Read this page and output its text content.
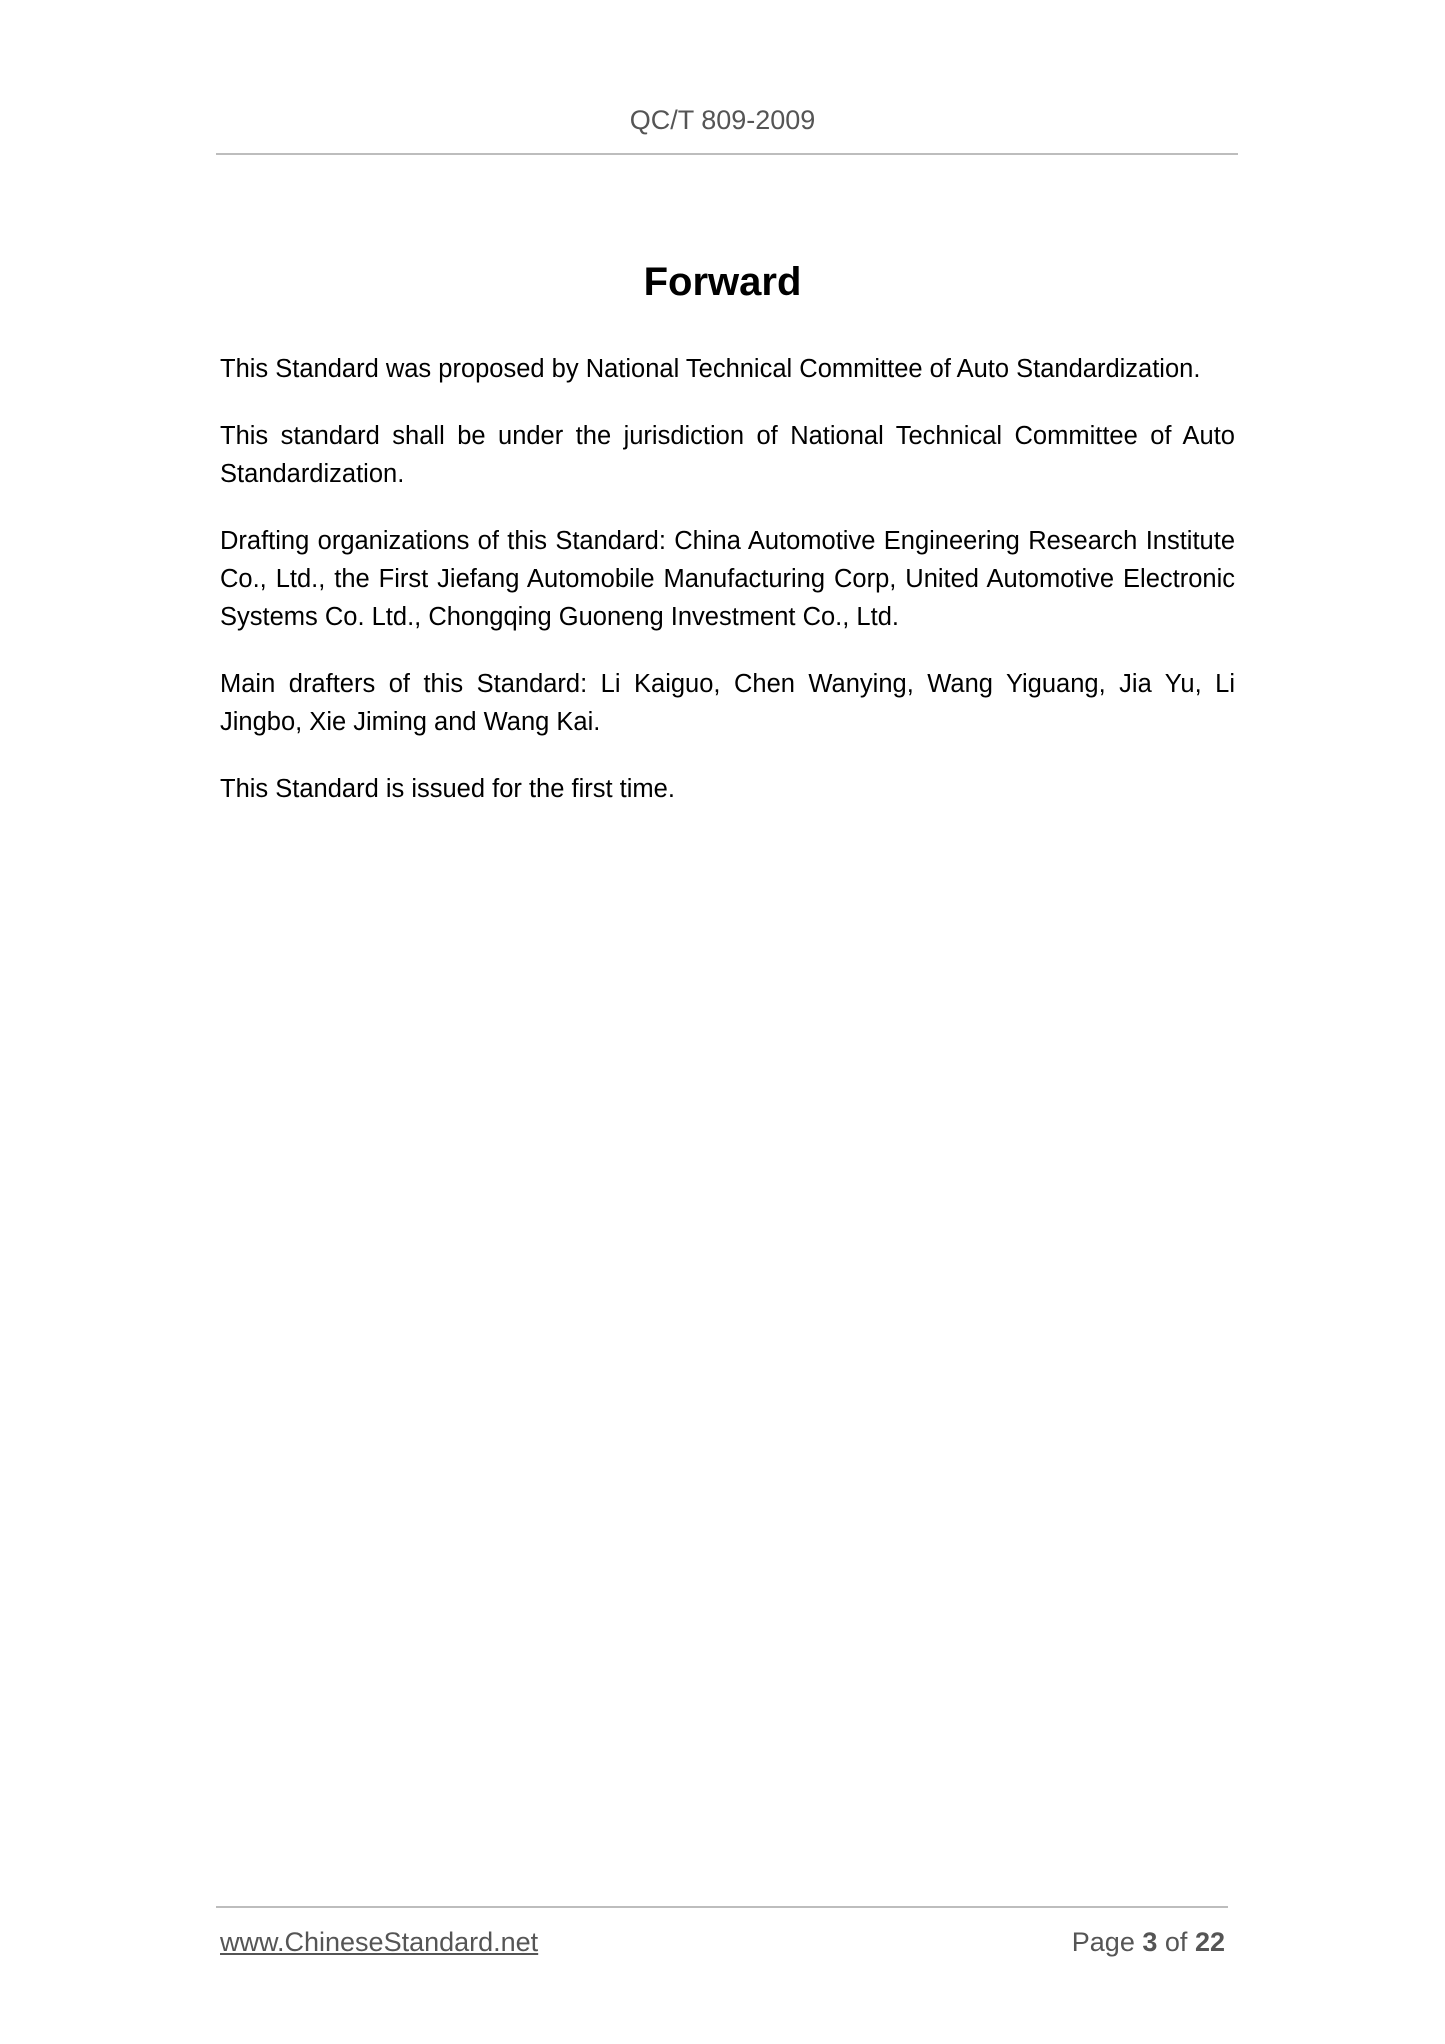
QC/T 809-2009
Forward

This Standard was proposed by National Technical Committee of Auto Standardization.

This standard shall be under the jurisdiction of National Technical Committee of Auto Standardization.

Drafting organizations of this Standard: China Automotive Engineering Research Institute Co., Ltd., the First Jiefang Automobile Manufacturing Corp, United Automotive Electronic Systems Co. Ltd., Chongqing Guoneng Investment Co., Ltd.

Main drafters of this Standard: Li Kaiguo, Chen Wanying, Wang Yiguang, Jia Yu, Li Jingbo, Xie Jiming and Wang Kai.

This Standard is issued for the first time.

www.ChineseStandard.net	Page 3 of 22
